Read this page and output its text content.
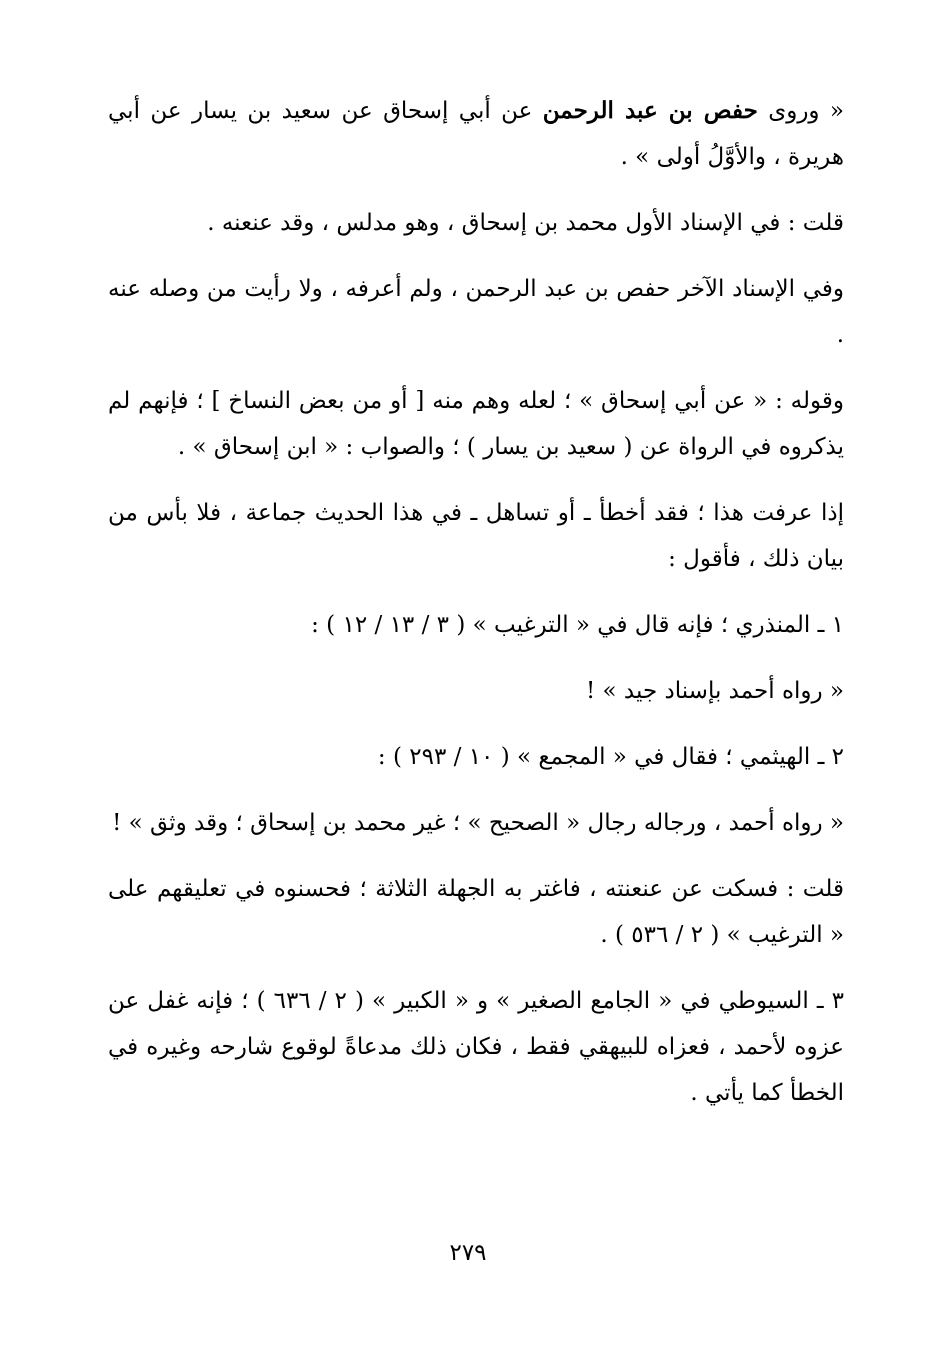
« وروى حفص بن عبد الرحمن عن أبي إسحاق عن سعيد بن يسار عن أبي هريرة ، والأوَّلُ أولى » .

قلت : في الإسناد الأول محمد بن إسحاق ، وهو مدلس ، وقد عنعنه .

وفي الإسناد الآخر حفص بن عبد الرحمن ، ولم أعرفه ، ولا رأيت من وصله عنه .

وقوله : « عن أبي إسحاق » ؛ لعله وهم منه [ أو من بعض النساخ ] ؛ فإنهم لم يذكروه في الرواة عن ( سعيد بن يسار ) ؛ والصواب : « ابن إسحاق » .

إذا عرفت هذا ؛ فقد أخطأ ـ أو تساهل ـ في هذا الحديث جماعة ، فلا بأس من بيان ذلك ، فأقول :

١ ـ المنذري ؛ فإنه قال في « الترغيب » ( ٣ / ١٣ / ١٢ ) :

« رواه أحمد بإسناد جيد » !

٢ ـ الهيثمي ؛ فقال في « المجمع » ( ١٠ / ٢٩٣ ) :

« رواه أحمد ، ورجاله رجال « الصحيح » ؛ غير محمد بن إسحاق ؛ وقد وثق » !

قلت : فسكت عن عنعنته ، فاغتر به الجهلة الثلاثة ؛ فحسنوه في تعليقهم على « الترغيب » ( ٢ / ٥٣٦ ) .

٣ ـ السيوطي في « الجامع الصغير » و « الكبير » ( ٢ / ٦٣٦ ) ؛ فإنه غفل عن عزوه لأحمد ، فعزاه للبيهقي فقط ، فكان ذلك مدعاةً لوقوع شارحه وغيره في الخطأ كما يأتي .

٢٧٩
